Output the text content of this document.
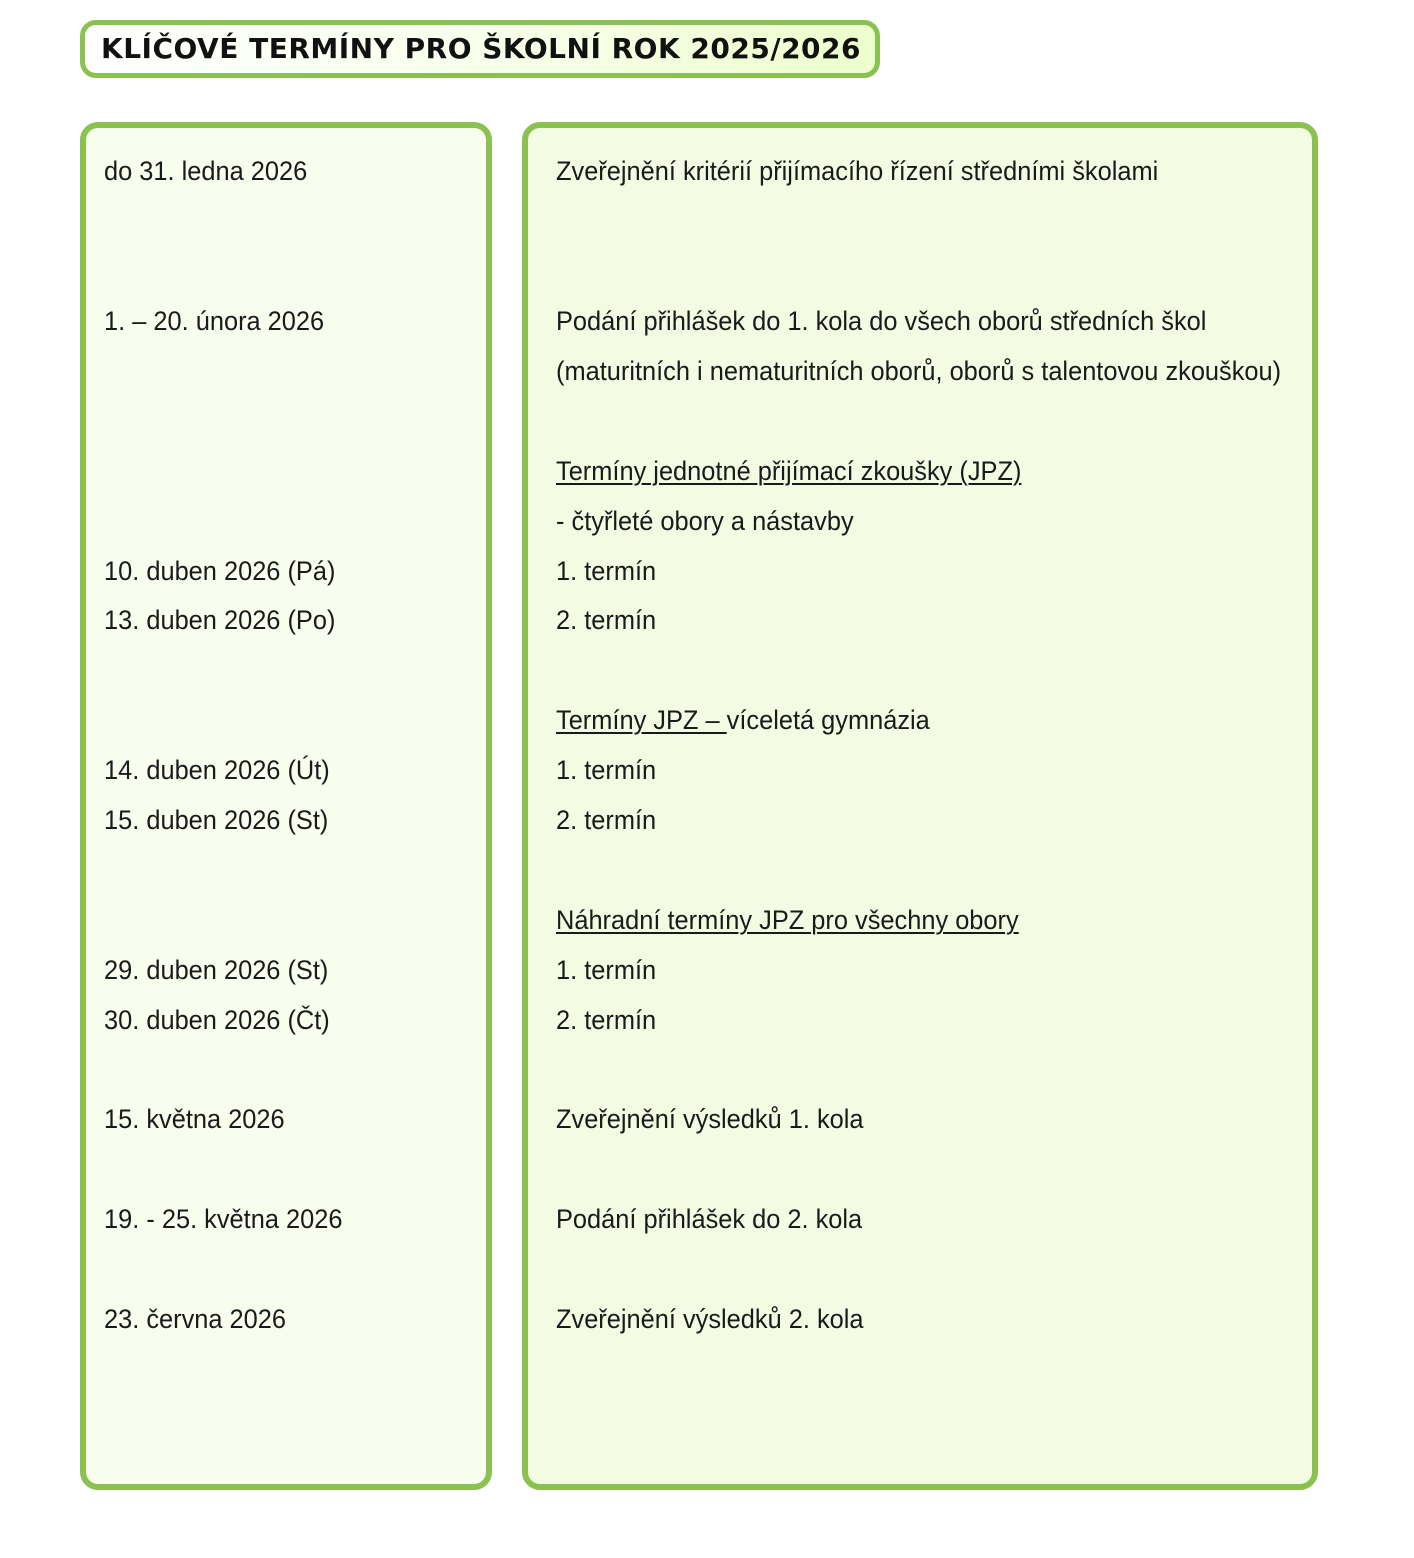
KLÍČOVÉ TERMÍNY PRO ŠKOLNÍ ROK 2025/2026
do 31. ledna 2026
1. – 20. února 2026
10. duben 2026 (Pá)
13. duben 2026 (Po)
14. duben 2026 (Út)
15. duben 2026 (St)
29. duben 2026 (St)
30. duben 2026 (Čt)
15. května 2026
19. - 25. května 2026
23. června 2026
Zveřejnění kritérií přijímacího řízení středními školami
Podání přihlášek do 1. kola do všech oborů středních škol
(maturitních i nematuritních oborů, oborů s talentovou zkouškou)
Termíny jednotné přijímací zkoušky (JPZ)
- čtyřleté obory a nástavby
1. termín
2. termín
Termíny JPZ – víceletá gymnázia
1. termín
2. termín
Náhradní termíny JPZ pro všechny obory
1. termín
2. termín
Zveřejnění výsledků 1. kola
Podání přihlášek do 2. kola
Zveřejnění výsledků 2. kola
